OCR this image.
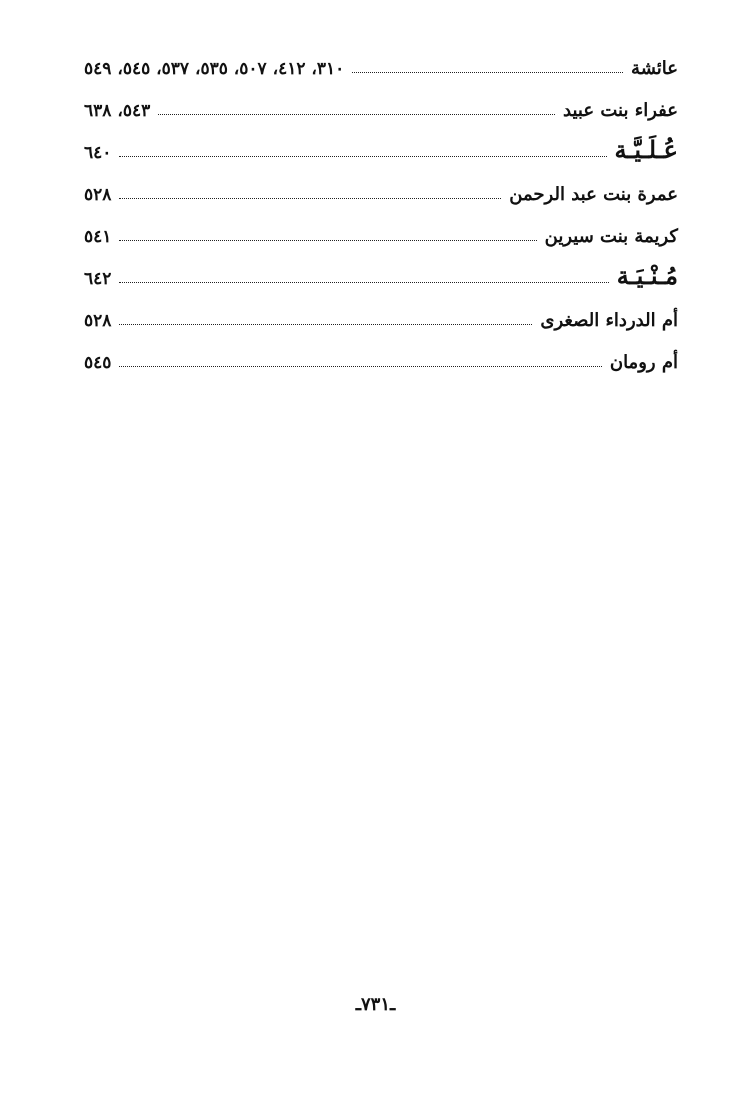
عائشة
٣١٠، ٤١٢، ٥٠٧، ٥٣٥، ٥٣٧، ٥٤٥، ٥٤٩
عفراء بنت عبيد
٥٤٣، ٦٣٨
عُـلَـيَّـة
٦٤٠
عمرة بنت عبد الرحمن
٥٢٨
كريمة بنت سيرين
٥٤١
مُـنْـيَـة
٦٤٢
أم الدرداء الصغرى
٥٢٨
أم رومان
٥٤٥
ـ٧٣١ـ
